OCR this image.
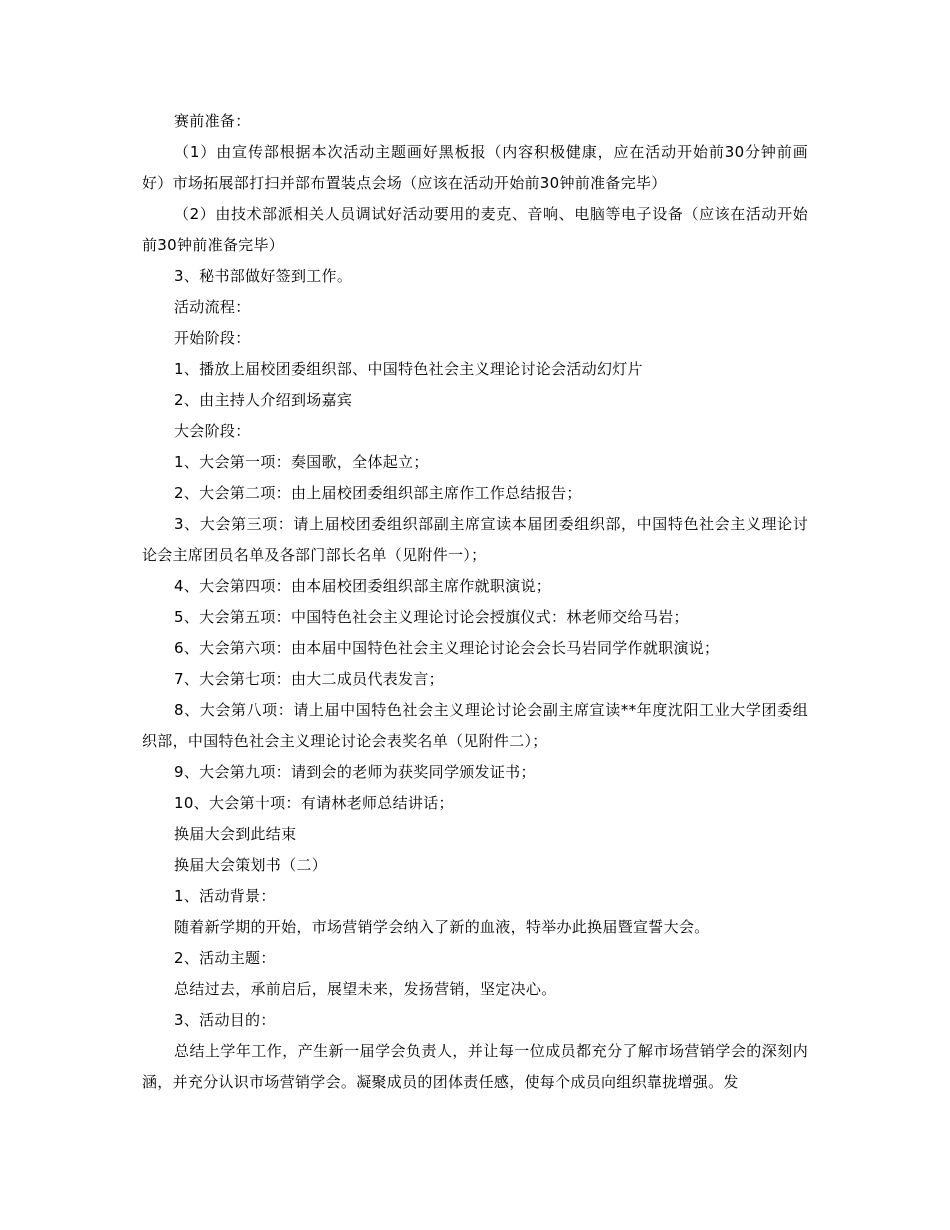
赛前准备：

（1）由宣传部根据本次活动主题画好黑板报（内容积极健康，应在活动开始前30分钟前画好）市场拓展部打扫并部布置装点会场（应该在活动开始前30钟前准备完毕）

（2）由技术部派相关人员调试好活动要用的麦克、音响、电脑等电子设备（应该在活动开始前30钟前准备完毕）

3、秘书部做好签到工作。

活动流程：

开始阶段：

1、播放上届校团委组织部、中国特色社会主义理论讨论会活动幻灯片

2、由主持人介绍到场嘉宾

大会阶段：

1、大会第一项：奏国歌，全体起立；

2、大会第二项：由上届校团委组织部主席作工作总结报告；

3、大会第三项：请上届校团委组织部副主席宣读本届团委组织部，中国特色社会主义理论讨论会主席团员名单及各部门部长名单（见附件一）；

4、大会第四项：由本届校团委组织部主席作就职演说；

5、大会第五项：中国特色社会主义理论讨论会授旗仪式：林老师交给马岩；

6、大会第六项：由本届中国特色社会主义理论讨论会会长马岩同学作就职演说；

7、大会第七项：由大二成员代表发言；

8、大会第八项：请上届中国特色社会主义理论讨论会副主席宣读**年度沈阳工业大学团委组织部，中国特色社会主义理论讨论会表奖名单（见附件二）；

9、大会第九项：请到会的老师为获奖同学颁发证书；

10、大会第十项：有请林老师总结讲话；

换届大会到此结束

换届大会策划书（二）

1、活动背景：

随着新学期的开始，市场营销学会纳入了新的血液，特举办此换届暨宣誓大会。

2、活动主题：

总结过去，承前启后，展望未来，发扬营销，坚定决心。

3、活动目的：

总结上学年工作，产生新一届学会负责人，并让每一位成员都充分了解市场营销学会的深刻内涵，并充分认识市场营销学会。凝聚成员的团体责任感，使每个成员向组织靠拢增强。发
